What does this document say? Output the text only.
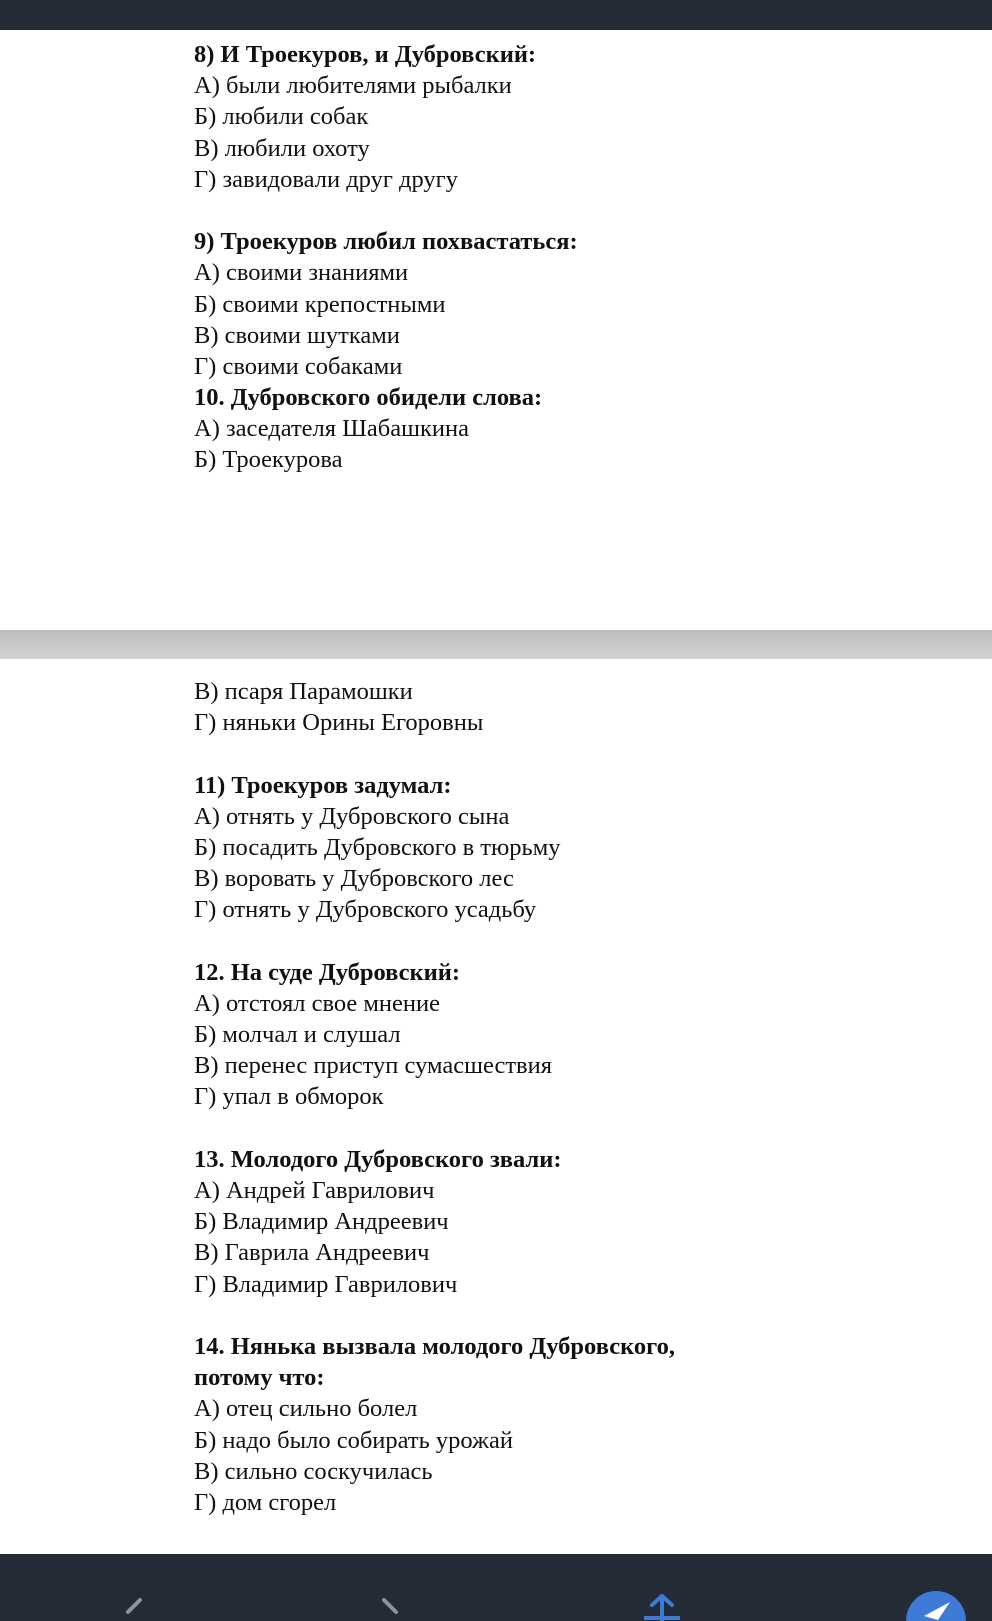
8) И Троекуров, и Дубровский:
А) были любителями рыбалки
Б) любили собак
В) любили охоту
Г) завидовали друг другу
9) Троекуров любил похвастаться:
А) своими знаниями
Б) своими крепостными
В) своими шутками
Г) своими собаками
10. Дубровского обидели слова:
А) заседателя Шабашкина
Б) Троекурова
В) псаря Парамошки
Г) няньки Орины Егоровны
11) Троекуров задумал:
А) отнять у Дубровского сына
Б) посадить Дубровского в тюрьму
В) воровать у Дубровского лес
Г) отнять у Дубровского усадьбу
12. На суде Дубровский:
А) отстоял свое мнение
Б) молчал и слушал
В) перенес приступ сумасшествия
Г) упал в обморок
13. Молодого Дубровского звали:
А) Андрей Гаврилович
Б) Владимир Андреевич
В) Гаврила Андреевич
Г) Владимир Гаврилович
14. Нянька вызвала молодого Дубровского,
потому что:
А) отец сильно болел
Б) надо было собирать урожай
В) сильно соскучилась
Г) дом сгорел
